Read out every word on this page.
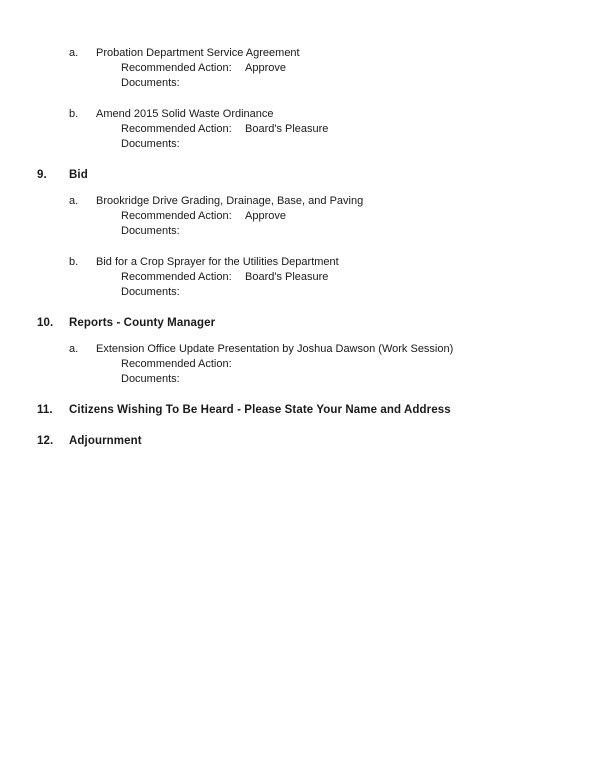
a.	Probation Department Service Agreement
Recommended Action:	Approve
Documents:
b.	Amend 2015 Solid Waste Ordinance
Recommended Action:	Board's Pleasure
Documents:
9.	Bid
a.	Brookridge Drive Grading, Drainage, Base, and Paving
Recommended Action:	Approve
Documents:
b.	Bid for a Crop Sprayer for the Utilities Department
Recommended Action:	Board's Pleasure
Documents:
10.	Reports - County Manager
a.	Extension Office Update Presentation by Joshua Dawson (Work Session)
Recommended Action:
Documents:
11.	Citizens Wishing To Be Heard - Please State Your Name and Address
12.	Adjournment
